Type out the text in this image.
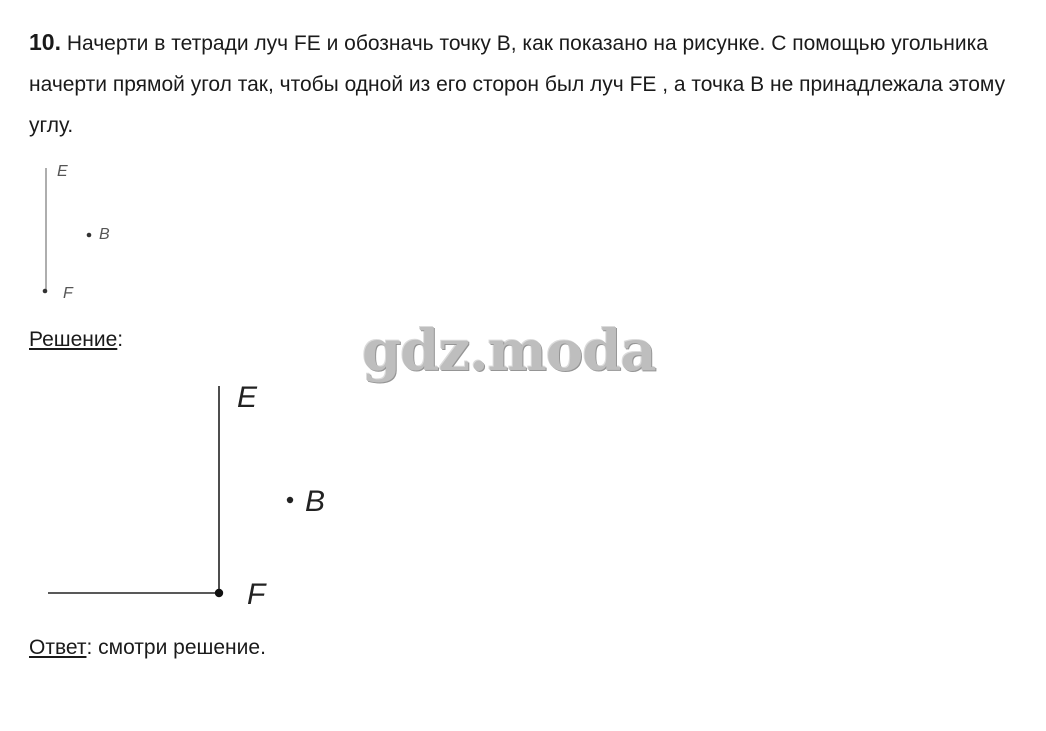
10. Начерти в тетради луч FE и обозначь точку B, как показано на рисунке. С помощью угольника начерти прямой угол так, чтобы одной из его сторон был луч FE , а точка B не принадлежала этому углу.
E
B
F
Решение:	gdz.moda
E
B
F
Ответ: смотри решение.
